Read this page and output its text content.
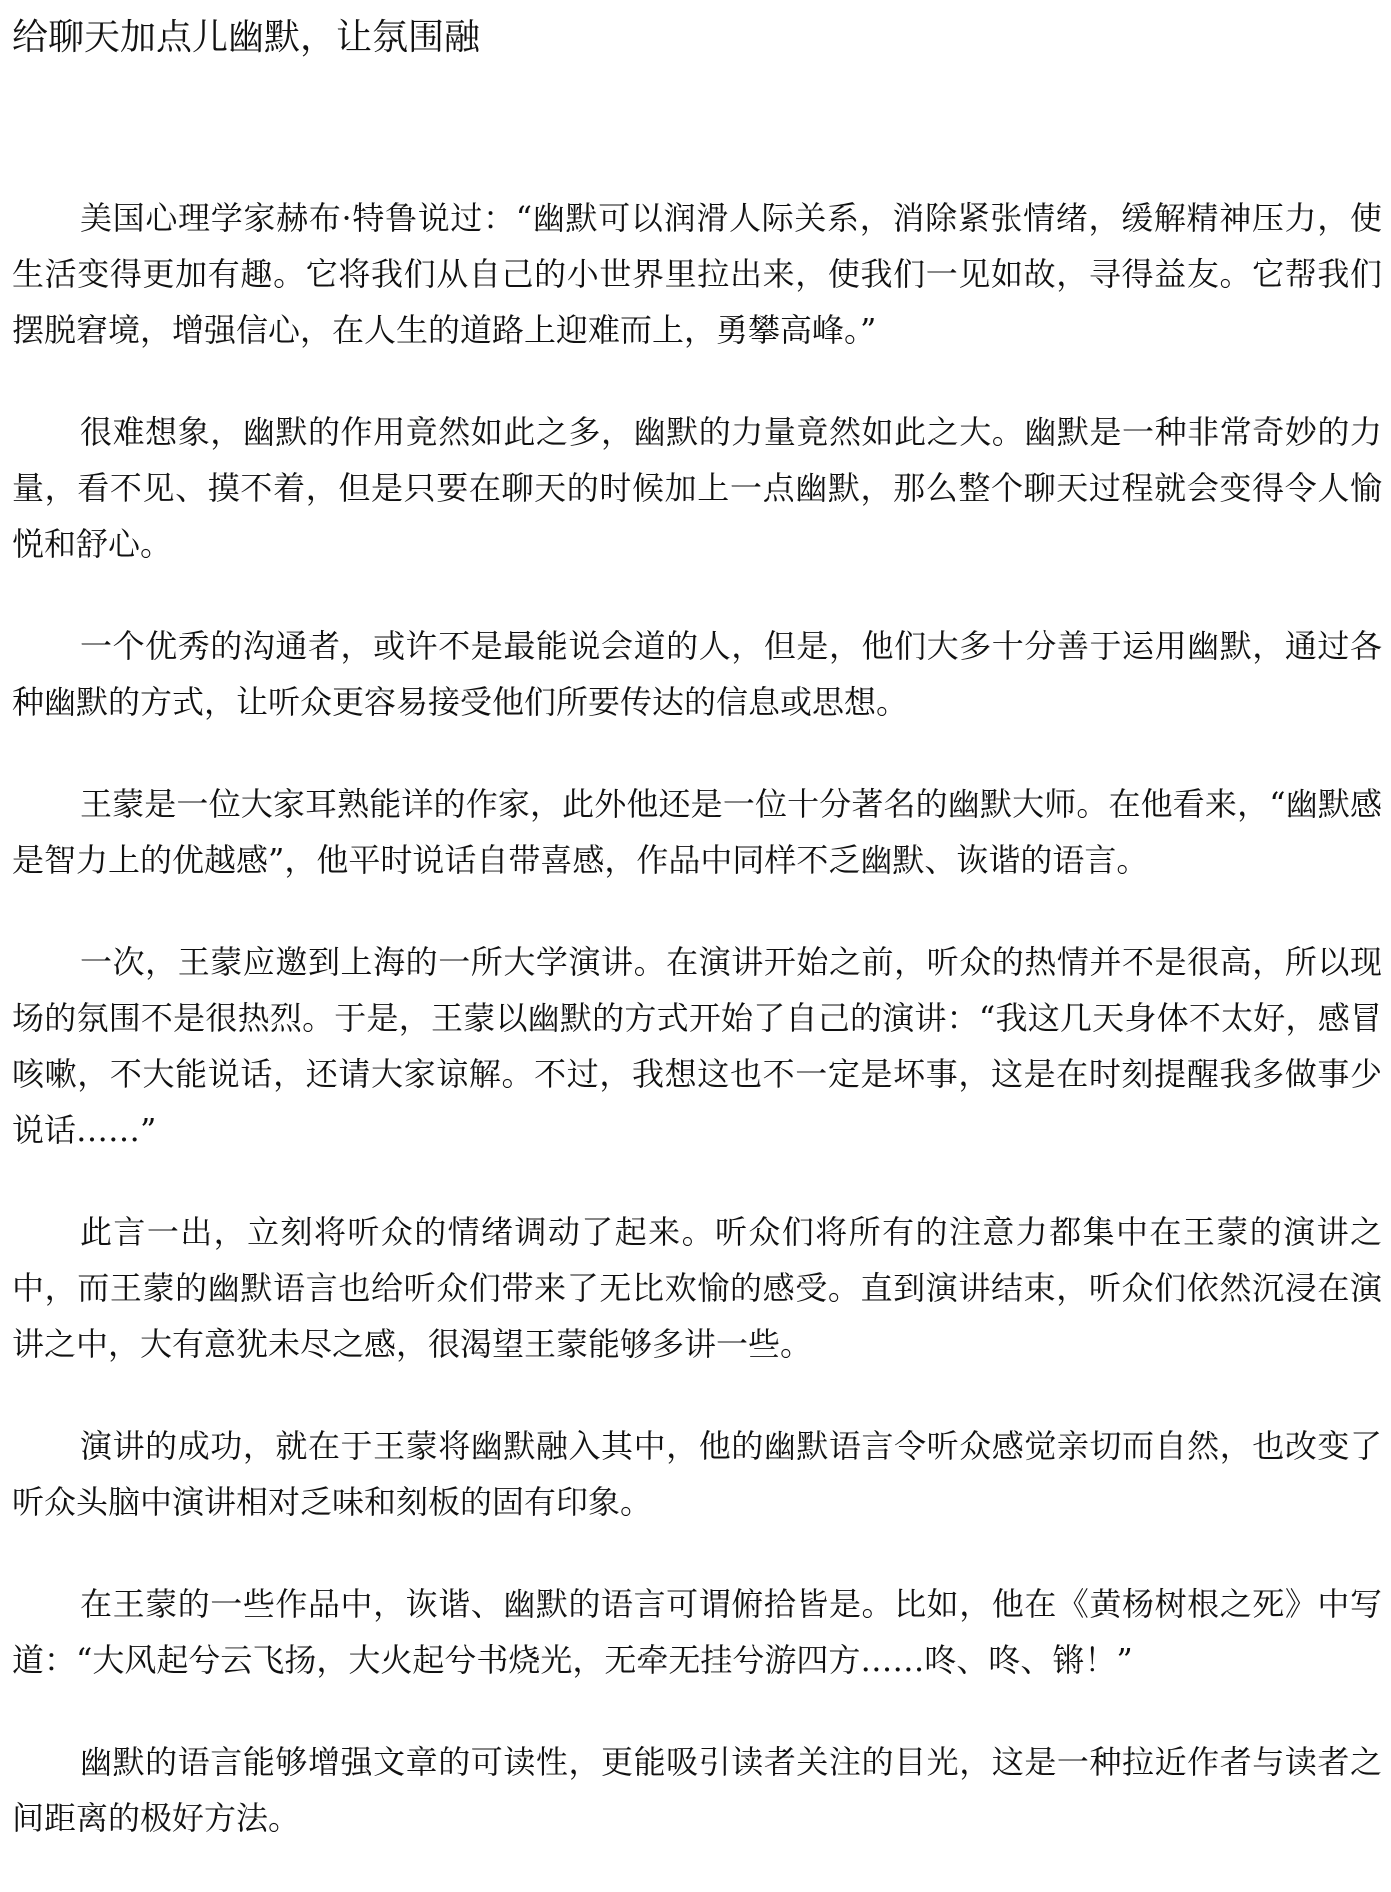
给聊天加点儿幽默，让氛围融

美国心理学家赫布·特鲁说过：“幽默可以润滑人际关系，消除紧张情绪，缓解精神压力，使生活变得更加有趣。它将我们从自己的小世界里拉出来，使我们一见如故，寻得益友。它帮我们摆脱窘境，增强信心，在人生的道路上迎难而上，勇攀高峰。”

很难想象，幽默的作用竟然如此之多，幽默的力量竟然如此之大。幽默是一种非常奇妙的力量，看不见、摸不着，但是只要在聊天的时候加上一点幽默，那么整个聊天过程就会变得令人愉悦和舒心。

一个优秀的沟通者，或许不是最能说会道的人，但是，他们大多十分善于运用幽默，通过各种幽默的方式，让听众更容易接受他们所要传达的信息或思想。

王蒙是一位大家耳熟能详的作家，此外他还是一位十分著名的幽默大师。在他看来，“幽默感是智力上的优越感”，他平时说话自带喜感，作品中同样不乏幽默、诙谐的语言。

一次，王蒙应邀到上海的一所大学演讲。在演讲开始之前，听众的热情并不是很高，所以现场的氛围不是很热烈。于是，王蒙以幽默的方式开始了自己的演讲：“我这几天身体不太好，感冒咳嗽，不大能说话，还请大家谅解。不过，我想这也不一定是坏事，这是在时刻提醒我多做事少说话……”

此言一出，立刻将听众的情绪调动了起来。听众们将所有的注意力都集中在王蒙的演讲之中，而王蒙的幽默语言也给听众们带来了无比欢愉的感受。直到演讲结束，听众们依然沉浸在演讲之中，大有意犹未尽之感，很渴望王蒙能够多讲一些。

演讲的成功，就在于王蒙将幽默融入其中，他的幽默语言令听众感觉亲切而自然，也改变了听众头脑中演讲相对乏味和刻板的固有印象。

在王蒙的一些作品中，诙谐、幽默的语言可谓俯拾皆是。比如，他在《黄杨树根之死》中写道：“大风起兮云飞扬，大火起兮书烧光，无牵无挂兮游四方……咚、咚、锵！”

幽默的语言能够增强文章的可读性，更能吸引读者关注的目光，这是一种拉近作者与读者之间距离的极好方法。
